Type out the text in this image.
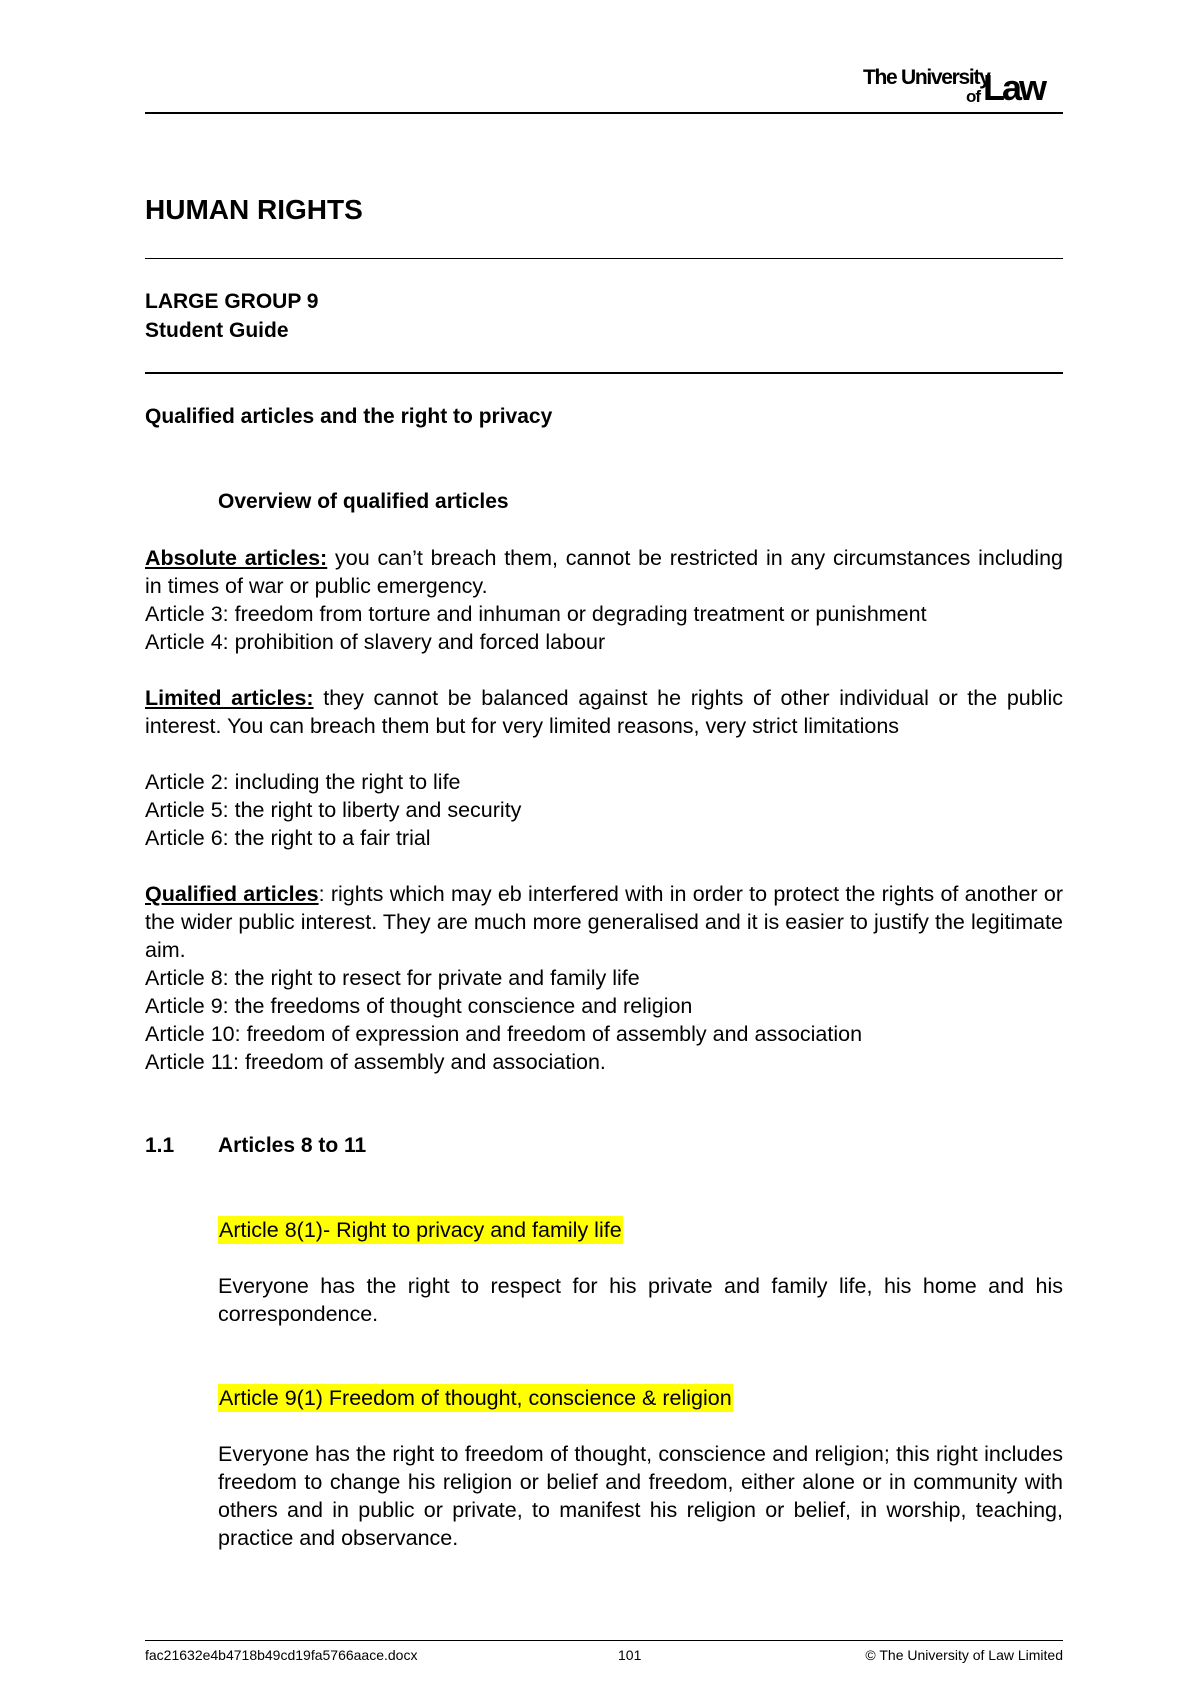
The University
of Law
HUMAN RIGHTS
LARGE GROUP 9
Student Guide
Qualified articles and the right to privacy
Overview of qualified articles
Absolute articles: you can’t breach them, cannot be restricted in any circumstances including in times of war or public emergency.
Article 3: freedom from torture and inhuman or degrading treatment or punishment
Article 4: prohibition of slavery and forced labour
Limited articles: they cannot be balanced against he rights of other individual or the public interest. You can breach them but for very limited reasons, very strict limitations
Article 2: including the right to life
Article 5: the right to liberty and security
Article 6: the right to a fair trial
Qualified articles: rights which may eb interfered with in order to protect the rights of another or the wider public interest. They are much more generalised and it is easier to justify the legitimate aim.
Article 8: the right to resect for private and family life
Article 9: the freedoms of thought conscience and religion
Article 10: freedom of expression and freedom of assembly and association
Article 11: freedom of assembly and association.
1.1 Articles 8 to 11
Article 8(1)- Right to privacy and family life
Everyone has the right to respect for his private and family life, his home and his correspondence.
Article 9(1) Freedom of thought, conscience & religion
Everyone has the right to freedom of thought, conscience and religion; this right includes freedom to change his religion or belief and freedom, either alone or in community with others and in public or private, to manifest his religion or belief, in worship, teaching, practice and observance.
fac21632e4b4718b49cd19fa5766aace.docx	101	© The University of Law Limited
